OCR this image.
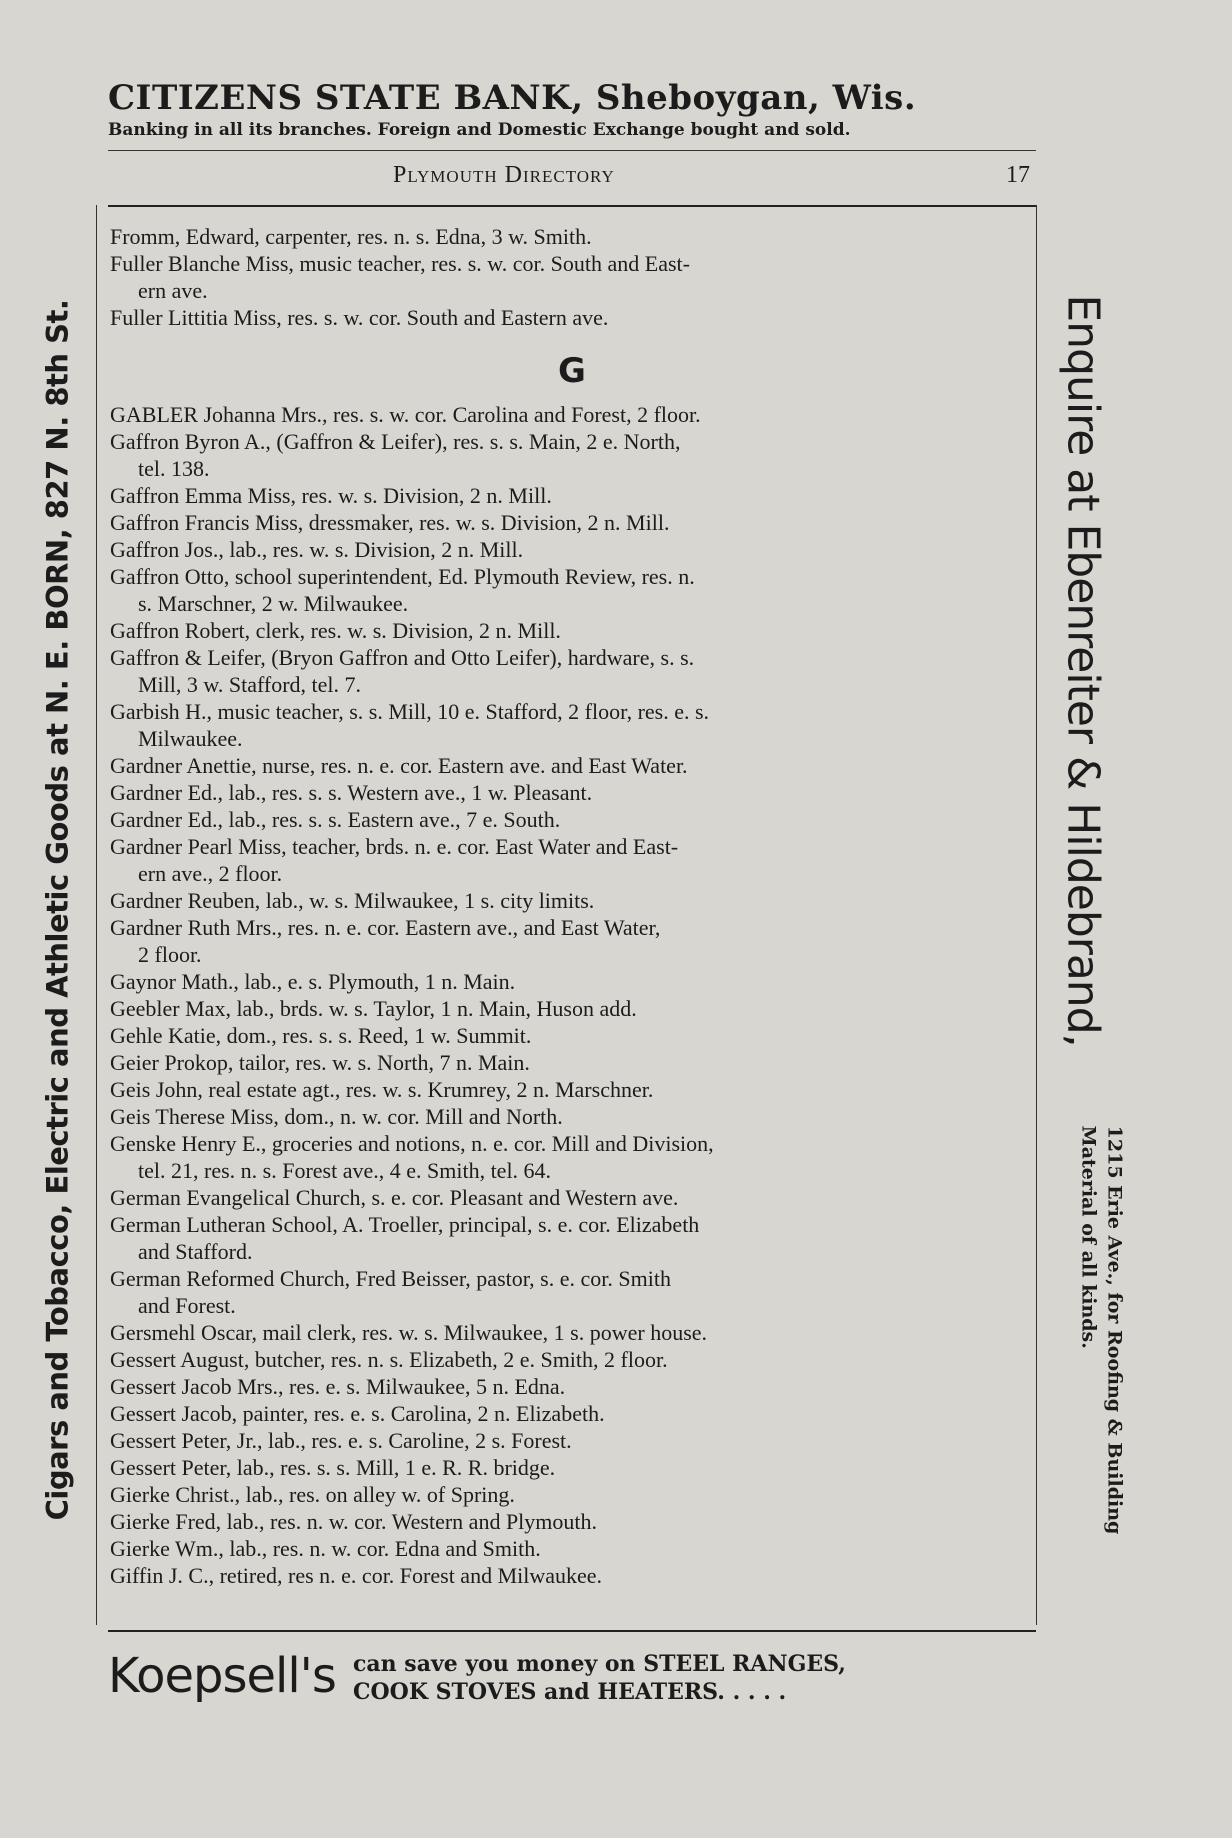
CITIZENS STATE BANK, Sheboygan, Wis.
Banking in all its branches. Foreign and Domestic Exchange bought and sold.
Plymouth Directory	17
Cigars and Tobacco, Electric and Athletic Goods at N. E. BORN, 827 N. 8th St.	Enquire at Ebenreiter & Hildebrand,
1215 Erie Ave., for Roofing & Building
Material of all kinds.
Fromm, Edward, carpenter, res. n. s. Edna, 3 w. Smith.
Fuller Blanche Miss, music teacher, res. s. w. cor. South and East-
ern ave.
Fuller Littitia Miss, res. s. w. cor. South and Eastern ave.
G
GABLER Johanna Mrs., res. s. w. cor. Carolina and Forest, 2 floor.
Gaffron Byron A., (Gaffron & Leifer), res. s. s. Main, 2 e. North,
tel. 138.
Gaffron Emma Miss, res. w. s. Division, 2 n. Mill.
Gaffron Francis Miss, dressmaker, res. w. s. Division, 2 n. Mill.
Gaffron Jos., lab., res. w. s. Division, 2 n. Mill.
Gaffron Otto, school superintendent, Ed. Plymouth Review, res. n.
s. Marschner, 2 w. Milwaukee.
Gaffron Robert, clerk, res. w. s. Division, 2 n. Mill.
Gaffron & Leifer, (Bryon Gaffron and Otto Leifer), hardware, s. s.
Mill, 3 w. Stafford, tel. 7.
Garbish H., music teacher, s. s. Mill, 10 e. Stafford, 2 floor, res. e. s.
Milwaukee.
Gardner Anettie, nurse, res. n. e. cor. Eastern ave. and East Water.
Gardner Ed., lab., res. s. s. Western ave., 1 w. Pleasant.
Gardner Ed., lab., res. s. s. Eastern ave., 7 e. South.
Gardner Pearl Miss, teacher, brds. n. e. cor. East Water and East-
ern ave., 2 floor.
Gardner Reuben, lab., w. s. Milwaukee, 1 s. city limits.
Gardner Ruth Mrs., res. n. e. cor. Eastern ave., and East Water,
2 floor.
Gaynor Math., lab., e. s. Plymouth, 1 n. Main.
Geebler Max, lab., brds. w. s. Taylor, 1 n. Main, Huson add.
Gehle Katie, dom., res. s. s. Reed, 1 w. Summit.
Geier Prokop, tailor, res. w. s. North, 7 n. Main.
Geis John, real estate agt., res. w. s. Krumrey, 2 n. Marschner.
Geis Therese Miss, dom., n. w. cor. Mill and North.
Genske Henry E., groceries and notions, n. e. cor. Mill and Division,
tel. 21, res. n. s. Forest ave., 4 e. Smith, tel. 64.
German Evangelical Church, s. e. cor. Pleasant and Western ave.
German Lutheran School, A. Troeller, principal, s. e. cor. Elizabeth
and Stafford.
German Reformed Church, Fred Beisser, pastor, s. e. cor. Smith
and Forest.
Gersmehl Oscar, mail clerk, res. w. s. Milwaukee, 1 s. power house.
Gessert August, butcher, res. n. s. Elizabeth, 2 e. Smith, 2 floor.
Gessert Jacob Mrs., res. e. s. Milwaukee, 5 n. Edna.
Gessert Jacob, painter, res. e. s. Carolina, 2 n. Elizabeth.
Gessert Peter, Jr., lab., res. e. s. Caroline, 2 s. Forest.
Gessert Peter, lab., res. s. s. Mill, 1 e. R. R. bridge.
Gierke Christ., lab., res. on alley w. of Spring.
Gierke Fred, lab., res. n. w. cor. Western and Plymouth.
Gierke Wm., lab., res. n. w. cor. Edna and Smith.
Giffin J. C., retired, res n. e. cor. Forest and Milwaukee.
Koepsell's can save you money on STEEL RANGES,
COOK STOVES and HEATERS. . . . .
